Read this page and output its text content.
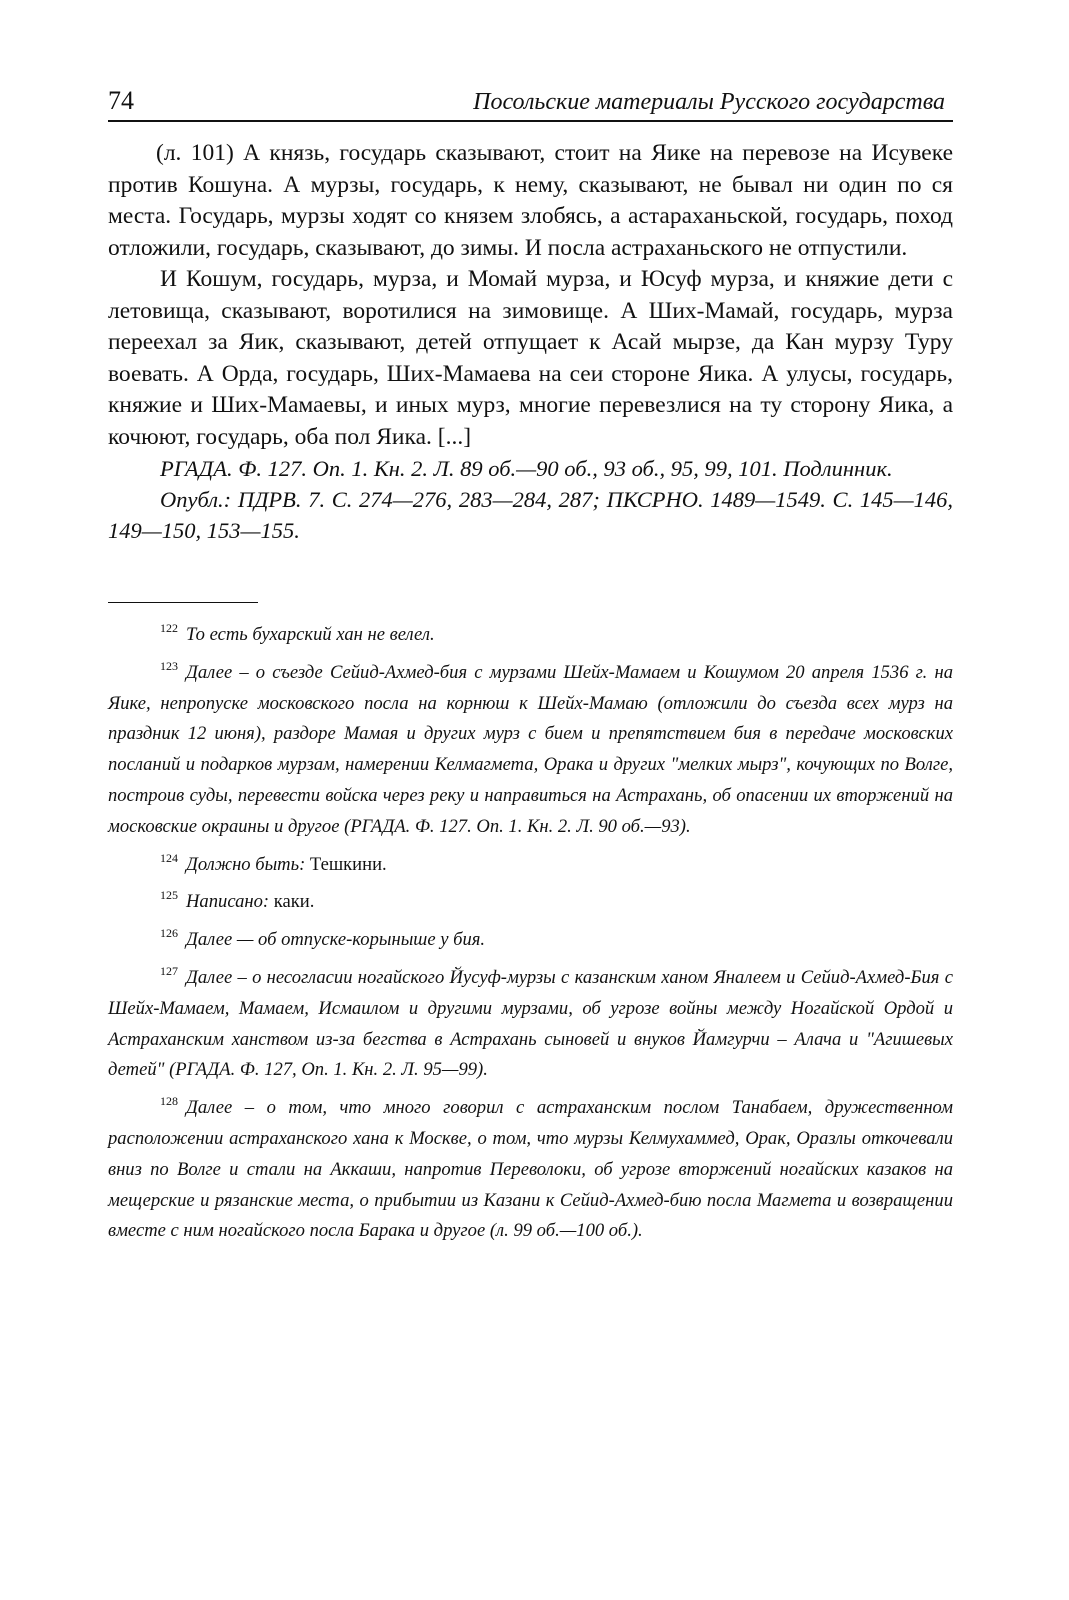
74	Посольские материалы Русского государства

(л. 101) А князь, государь сказывают, стоит на Яике на перевозе на Исувеке против Кошуна. А мурзы, государь, к нему, сказывают, не бывал ни один по ся места. Государь, мурзы ходят со князем злобясь, а астараханьской, государь, поход отложили, государь, сказывают, до зимы. И посла астраханьского не отпустили.

И Кошум, государь, мурза, и Момай мурза, и Юсуф мурза, и княжие дети с летовища, сказывают, воротилися на зимовище. А Ших-Мамай, государь, мурза переехал за Яик, сказывают, детей отпущает к Асай мырзе, да Кан мурзу Туру воевать. А Орда, государь, Ших-Мамаева на сеи стороне Яика. А улусы, государь, княжие и Ших-Мамаевы, и иных мурз, многие перевезлися на ту сторону Яика, а кочюют, государь, оба пол Яика. [...]

РГАДА. Ф. 127. Оп. 1. Кн. 2. Л. 89 об.—90 об., 93 об., 95, 99, 101. Подлинник.

Опубл.: ПДРВ. 7. С. 274—276, 283—284, 287; ПКСРНО. 1489—1549. С. 145—146, 149—150, 153—155.

$^{122}$ То есть бухарский хан не велел.

$^{123}$ Далее – о съезде Сейид-Ахмед-бия с мурзами Шейх-Мамаем и Кошумом 20 апреля 1536 г. на Яике, непропуске московского посла на корнюш к Шейх-Мамаю (отложили до съезда всех мурз на праздник 12 июня), раздоре Мамая и других мурз с бием и препятствием бия в передаче московских посланий и подарков мурзам, намерении Келмагмета, Орака и других "мелких мырз", кочующих по Волге, построив суды, перевести войска через реку и направиться на Астрахань, об опасении их вторжений на московские окраины и другое (РГАДА. Ф. 127. Оп. 1. Кн. 2. Л. 90 об.—93).

$^{124}$ Должно быть: Тешкини.

$^{125}$ Написано: каки.

$^{126}$ Далее — об отпуске-корыныше у бия.

$^{127}$ Далее – о несогласии ногайского Йусуф-мурзы с казанским ханом Яналеем и Сейид-Ахмед-Бия с Шейх-Мамаем, Мамаем, Исмаилом и другими мурзами, об угрозе войны между Ногайской Ордой и Астраханским ханством из-за бегства в Астрахань сыновей и внуков Йамгурчи – Алача и "Агишевых детей" (РГАДА. Ф. 127, Оп. 1. Кн. 2. Л. 95—99).

$^{128}$ Далее – о том, что много говорил с астраханским послом Танабаем, дружественном расположении астраханского хана к Москве, о том, что мурзы Келмухаммед, Орак, Оразлы откочевали вниз по Волге и стали на Аккаши, напротив Переволоки, об угрозе вторжений ногайских казаков на мещерские и рязанские места, о прибытии из Казани к Сейид-Ахмед-бию посла Магмета и возвращении вместе с ним ногайского посла Барака и другое (л. 99 об.—100 об.).
